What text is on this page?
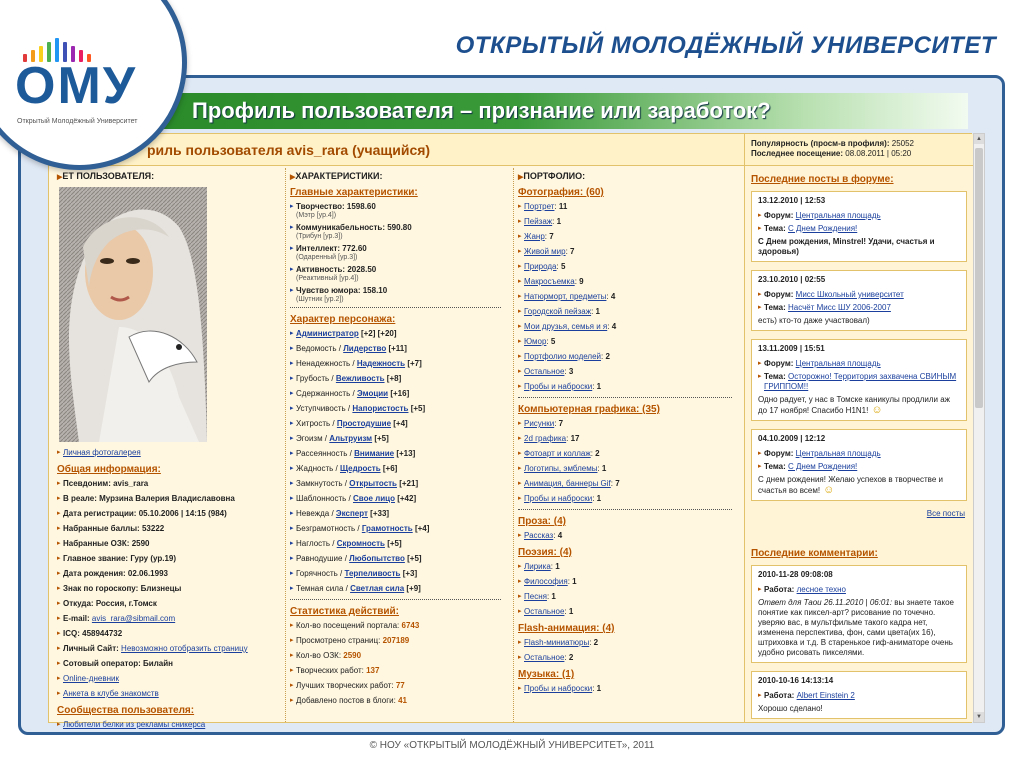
ОТКРЫТЫЙ МОЛОДЁЖНЫЙ УНИВЕРСИТЕТ
Профиль пользователя – признание или заработок?
риль пользователя avis_rara (учащийся)
▶ЕТ ПОЛЬЗОВАТЕЛЯ:
▸ Личная фотогалерея
Общая информация:
▸ Псевдоним: avis_rara
▸ В реале: Мурзина Валерия Владиславовна
▸ Дата регистрации: 05.10.2006 | 14:15 (984)
▸ Набранные баллы: 53222
▸ Набранные ОЗК: 2590
▸ Главное звание: Гуру (ур.19)
▸ Дата рождения: 02.06.1993
▸ Знак по гороскопу: Близнецы
▸ Откуда: Россия, г.Томск
▸ E-mail: avis_rara@sibmail.com
▸ ICQ: 458944732
▸ Личный Сайт: Невозможно отобразить страницу
▸ Сотовый оператор: Билайн
▸ Online-дневник
▸ Анкета в клубе знакомств
Сообщества пользователя:
▸ Любители белки из рекламы сникерса
▶ХАРАКТЕРИСТИКИ:
Главные характеристики:
▸ Творчество: 1598.60
(Мэтр [ур.4])
▸ Коммуникабельность: 590.80
(Трибун [ур.3])
▸ Интеллект: 772.60
(Одаренный [ур.3])
▸ Активность: 2028.50
(Реактивный [ур.4])
▸ Чувство юмора: 158.10
(Шутник [ур.2])
Характер персонажа:
▸ Администратор [+2] [+20]
▸ Ведомость / Лидерство [+11]
▸ Ненадежность / Надежность [+7]
▸ Грубость / Вежливость [+8]
▸ Сдержанность / Эмоции [+16]
▸ Уступчивость / Напористость [+5]
▸ Хитрость / Простодушие [+4]
▸ Эгоизм / Альтруизм [+5]
▸ Рассеянность / Внимание [+13]
▸ Жадность / Щедрость [+6]
▸ Замкнутость / Открытость [+21]
▸ Шаблонность / Свое лицо [+42]
▸ Невежда / Эксперт [+33]
▸ Безграмотность / Грамотность [+4]
▸ Наглость / Скромность [+5]
▸ Равнодушие / Любопытство [+5]
▸ Горячность / Терпеливость [+3]
▸ Темная сила / Светлая сила [+9]
Статистика действий:
▸ Кол-во посещений портала: 6743
▸ Просмотрено страниц: 207189
▸ Кол-во ОЗК: 2590
▸ Творческих работ: 137
▸ Лучших творческих работ: 77
▸ Добавлено постов в блоги: 41
▶ПОРТФОЛИО:
Фотография: (60)
▸ Портрет: 11
▸ Пейзаж: 1
▸ Жанр: 7
▸ Живой мир: 7
▸ Природа: 5
▸ Макросъемка: 9
▸ Натюрморт, предметы: 4
▸ Городской пейзаж: 1
▸ Мои друзья, семья и я: 4
▸ Юмор: 5
▸ Портфолио моделей: 2
▸ Остальное: 3
▸ Пробы и наброски: 1
Компьютерная графика: (35)
▸ Рисунки: 7
▸ 2d графика: 17
▸ Фотоарт и коллаж: 2
▸ Логотипы, эмблемы: 1
▸ Анимация, баннеры Gif: 7
▸ Пробы и наброски: 1
Проза: (4)
▸ Рассказ: 4
Поэзия: (4)
▸ Лирика: 1
▸ Философия: 1
▸ Песня: 1
▸ Остальное: 1
Flash-анимация: (4)
▸ Flash-миниатюры: 2
▸ Остальное: 2
Музыка: (1)
▸ Пробы и наброски: 1
Популярность (просм-в профиля): 25052
Последнее посещение: 08.08.2011 | 05:20
Последние посты в форуме:
13.12.2010 | 12:53
▸ Форум: Центральная площадь
▸ Тема: С Днем Рождения!
С Днем рождения, Minstrel! Удачи, счастья и здоровья)
23.10.2010 | 02:55
▸ Форум: Мисс Школьный университет
▸ Тема: Насчёт Мисс ШУ 2006-2007
есть) кто-то даже участвовал)
13.11.2009 | 15:51
▸ Форум: Центральная площадь
▸ Тема: Осторожно! Территория захвачена СВИНЫМ ГРИППОМ!!
Одно радует, у нас в Томске каникулы продлили аж до 17 ноября! Спасибо H1N1! ☺
04.10.2009 | 12:12
▸ Форум: Центральная площадь
▸ Тема: С Днем Рождения!
С днем рождения! Желаю успехов в творчестве и счастья во всем! ☺
Все посты
Последние комментарии:
2010-11-28 09:08:08
▸ Работа: лесное техно
Ответ для Таои 26.11.2010 | 06:01: вы знаете такое понятие как пиксел-арт? рисование по точечно. уверяю вас, в мультфильме такого кадра нет, изменена перспектива, фон, сами цвета(их 16), штриховка и т.д. В старенькое гиф-аниматоре очень удобно рисовать пикселями.
2010-10-16 14:13:14
▸ Работа: Albert Einstein 2
Хорошо сделано!
▲
▼
ОМУ
Открытый Молодёжный Университет
© НОУ «ОТКРЫТЫЙ МОЛОДЁЖНЫЙ УНИВЕРСИТЕТ», 2011
